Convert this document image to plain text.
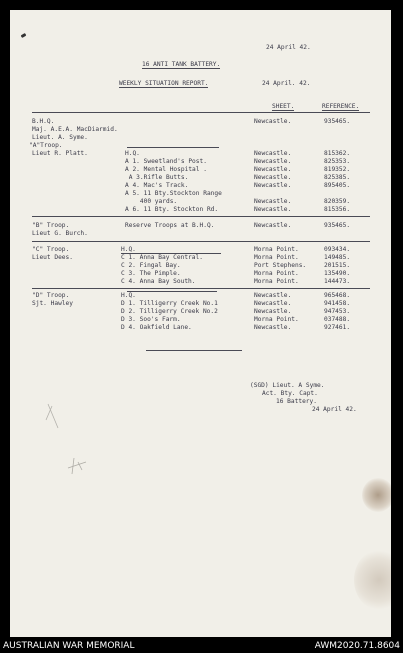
24 April 42.
16 ANTI TANK BATTERY.
WEEKLY SITUATION REPORT.	24 April. 42.
SHEET.	REFERENCE.
B.H.Q.	Newcastle.	935465.
Maj. A.E.A. MacDiarmid.
Lieut. A. Syme.
"A"Troop.
Lieut R. Platt.	H.Q.	Newcastle.	815362.
A 1. Sweetland's Post.	Newcastle.	825353.
A 2. Mental Hospital .	Newcastle.	819352.
A 3.Rifle Butts.	Newcastle.	825385.
A 4. Mac's Track.	Newcastle.	895405.
A 5. 11 Bty.Stockton Range
400 yards.	Newcastle.	820359.
A 6. 11 Bty. Stockton Rd.	Newcastle.	815356.
"B" Troop.	Reserve Troops at B.H.Q.	Newcastle.	935465.
Lieut G. Burch.
"C" Troop.	H.Q.	Morna Point.	093434.
Lieut Dees.	C 1. Anna Bay Central.	Morna Point.	149485.
C 2. Fingal Bay.	Port Stephens.	201515.
C 3. The Pimple.	Morna Point.	135490.
C 4. Anna Bay South.	Morna Point.	144473.
"D" Troop.	H.Q.	Newcastle.	965468.
Sjt. Hawley	D 1. Tilligerry Creek No.1	Newcastle.	941458.
D 2. Tilligerry Creek No.2	Newcastle.	947453.
D 3. Soo's Farm.	Morna Point.	037488.
D 4. Oakfield Lane.	Newcastle.	927461.
(SGD) Lieut. A Syme.
Act. Bty. Capt.
16 Battery.
24 April 42.
AUSTRALIAN WAR MEMORIAL	AWM2020.71.8604
